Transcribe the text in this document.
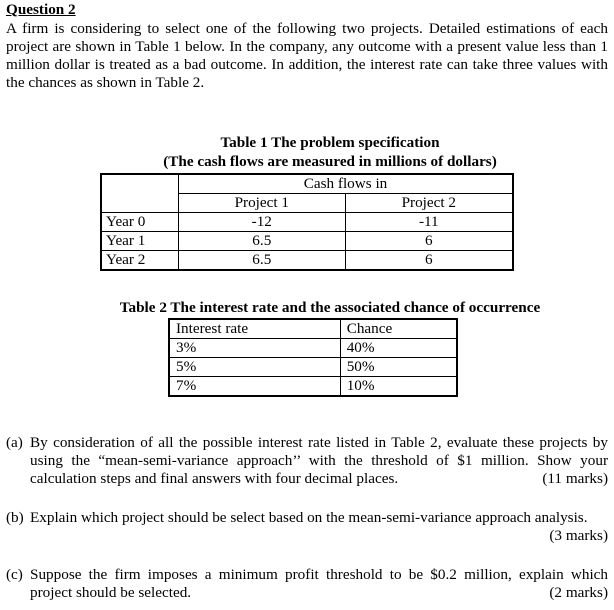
Question 2
A firm is considering to select one of the following two projects. Detailed estimations of each project are shown in Table 1 below. In the company, any outcome with a present value less than 1 million dollar is treated as a bad outcome. In addition, the interest rate can take three values with the chances as shown in Table 2.
Table 1 The problem specification
(The cash flows are measured in millions of dollars)
	Cash flows in	
	Project 1	Project 2
Year 0	-12	-11
Year 1	6.5	6
Year 2	6.5	6
Table 2 The interest rate and the associated chance of occurrence
Interest rate	Chance
3%	40%
5%	50%
7%	10%
(a) By consideration of all the possible interest rate listed in Table 2, evaluate these projects by using the “mean-semi-variance approach’’ with the threshold of $1 million. Show your calculation steps and final answers with four decimal places.	(11 marks)
(b) Explain which project should be select based on the mean-semi-variance approach analysis.
(3 marks)
(c) Suppose the firm imposes a minimum profit threshold to be $0.2 million, explain which project should be selected.	(2 marks)
